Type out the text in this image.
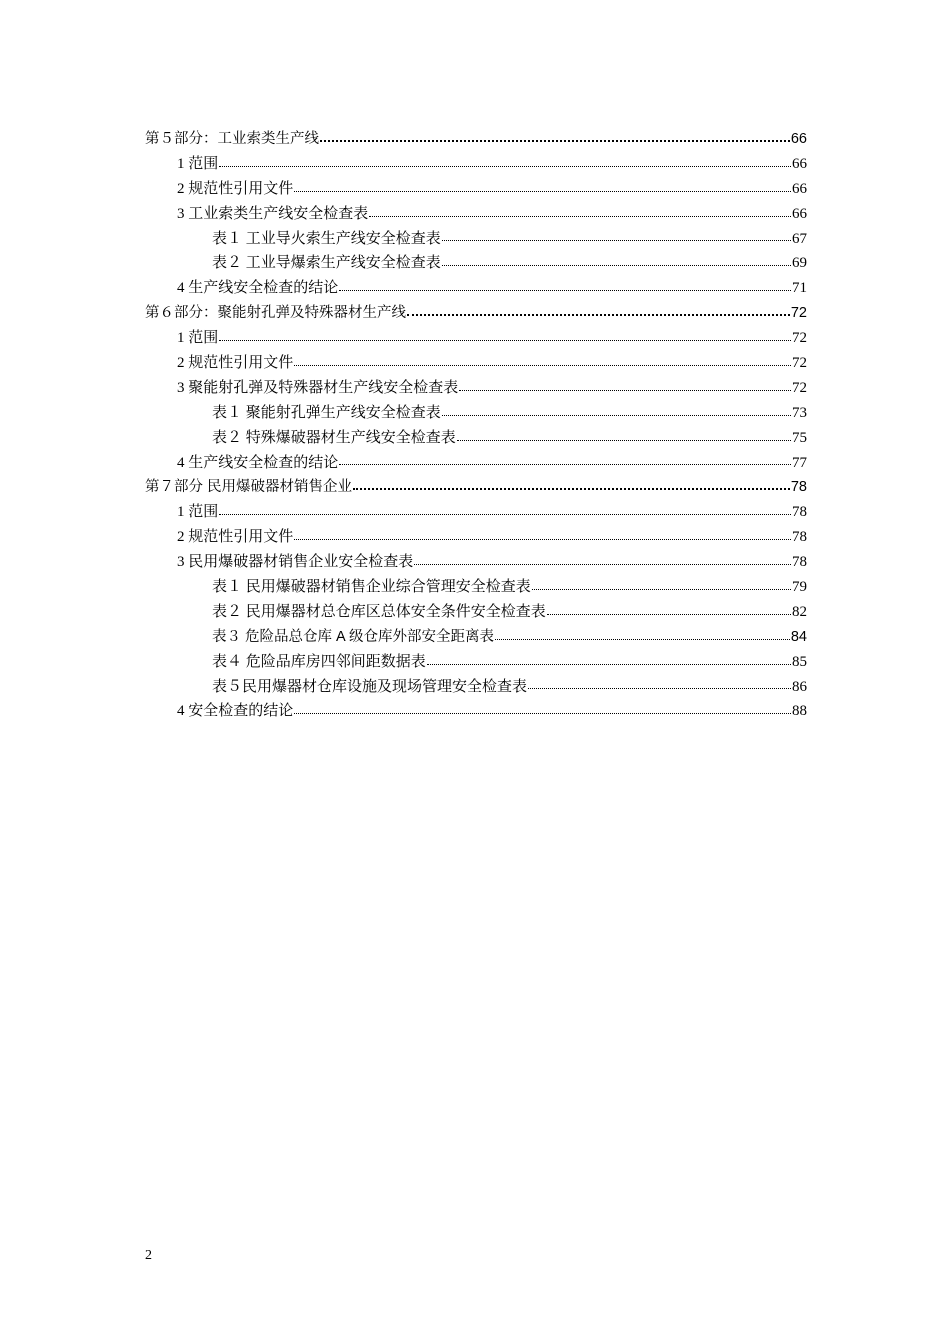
第５部分：工业索类生产线	66
1 范围	66
2 规范性引用文件	66
3 工业索类生产线安全检查表	66
表１ 工业导火索生产线安全检查表	67
表２ 工业导爆索生产线安全检查表	69
4 生产线安全检查的结论	71
第６部分：聚能射孔弹及特殊器材生产线	72
1 范围	72
2 规范性引用文件	72
3 聚能射孔弹及特殊器材生产线安全检查表	72
表１ 聚能射孔弹生产线安全检查表	73
表２ 特殊爆破器材生产线安全检查表	75
4 生产线安全检查的结论	77
第７部分 民用爆破器材销售企业	78
1 范围	78
2 规范性引用文件	78
3 民用爆破器材销售企业安全检查表	78
表１ 民用爆破器材销售企业综合管理安全检查表	79
表２ 民用爆器材总仓库区总体安全条件安全检查表	82
表３ 危险品总仓库 A 级仓库外部安全距离表	84
表４ 危险品库房四邻间距数据表	85
表５民用爆器材仓库设施及现场管理安全检查表	86
4 安全检查的结论	88
2
